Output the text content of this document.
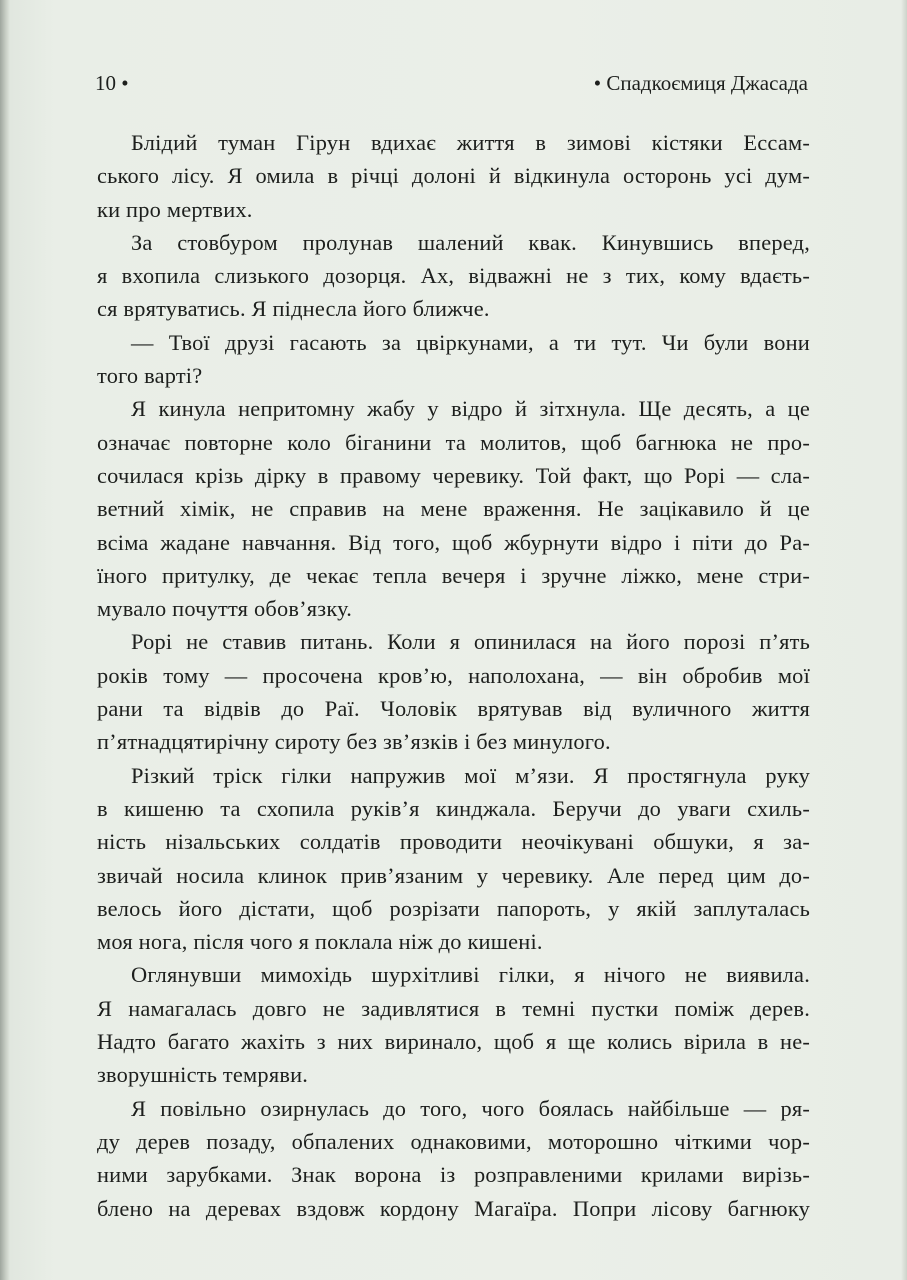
10 •	• Спадкоємиця Джасада

Блідий туман Гірун вдихає життя в зимові кістяки Ессам-
ського лісу. Я омила в річці долоні й відкинула осторонь усі дум-
ки про мертвих.

За стовбуром пролунав шалений квак. Кинувшись вперед,
я вхопила слизького дозорця. Ах, відважні не з тих, кому вдаєть-
ся врятуватись. Я піднесла його ближче.

— Твої друзі гасають за цвіркунами, а ти тут. Чи були вони
того варті?

Я кинула непритомну жабу у відро й зітхнула. Ще десять, а це
означає повторне коло біганини та молитов, щоб багнюка не про-
сочилася крізь дірку в правому черевику. Той факт, що Рорі — сла-
ветний хімік, не справив на мене враження. Не зацікавило й це
всіма жадане навчання. Від того, щоб жбурнути відро і піти до Ра-
їного притулку, де чекає тепла вечеря і зручне ліжко, мене стри-
мувало почуття обов’язку.

Рорі не ставив питань. Коли я опинилася на його порозі п’ять
років тому — просочена кров’ю, наполохана, — він обробив мої
рани та відвів до Раї. Чоловік врятував від вуличного життя
п’ятнадцятирічну сироту без зв’язків і без минулого.

Різкий тріск гілки напружив мої м’язи. Я простягнула руку
в кишеню та схопила руків’я кинджала. Беручи до уваги схиль-
ність нізальських солдатів проводити неочікувані обшуки, я за-
звичай носила клинок прив’язаним у черевику. Але перед цим до-
велось його дістати, щоб розрізати папороть, у якій заплуталась
моя нога, після чого я поклала ніж до кишені.

Оглянувши мимохідь шурхітливі гілки, я нічого не виявила.
Я намагалась довго не задивлятися в темні пустки поміж дерев.
Надто багато жахіть з них виринало, щоб я ще колись вірила в не-
зворушність темряви.

Я повільно озирнулась до того, чого боялась найбільше — ря-
ду дерев позаду, обпалених однаковими, моторошно чіткими чор-
ними зарубками. Знак ворона із розправленими крилами вирізь-
блено на деревах вздовж кордону Магаїра. Попри лісову багнюку
